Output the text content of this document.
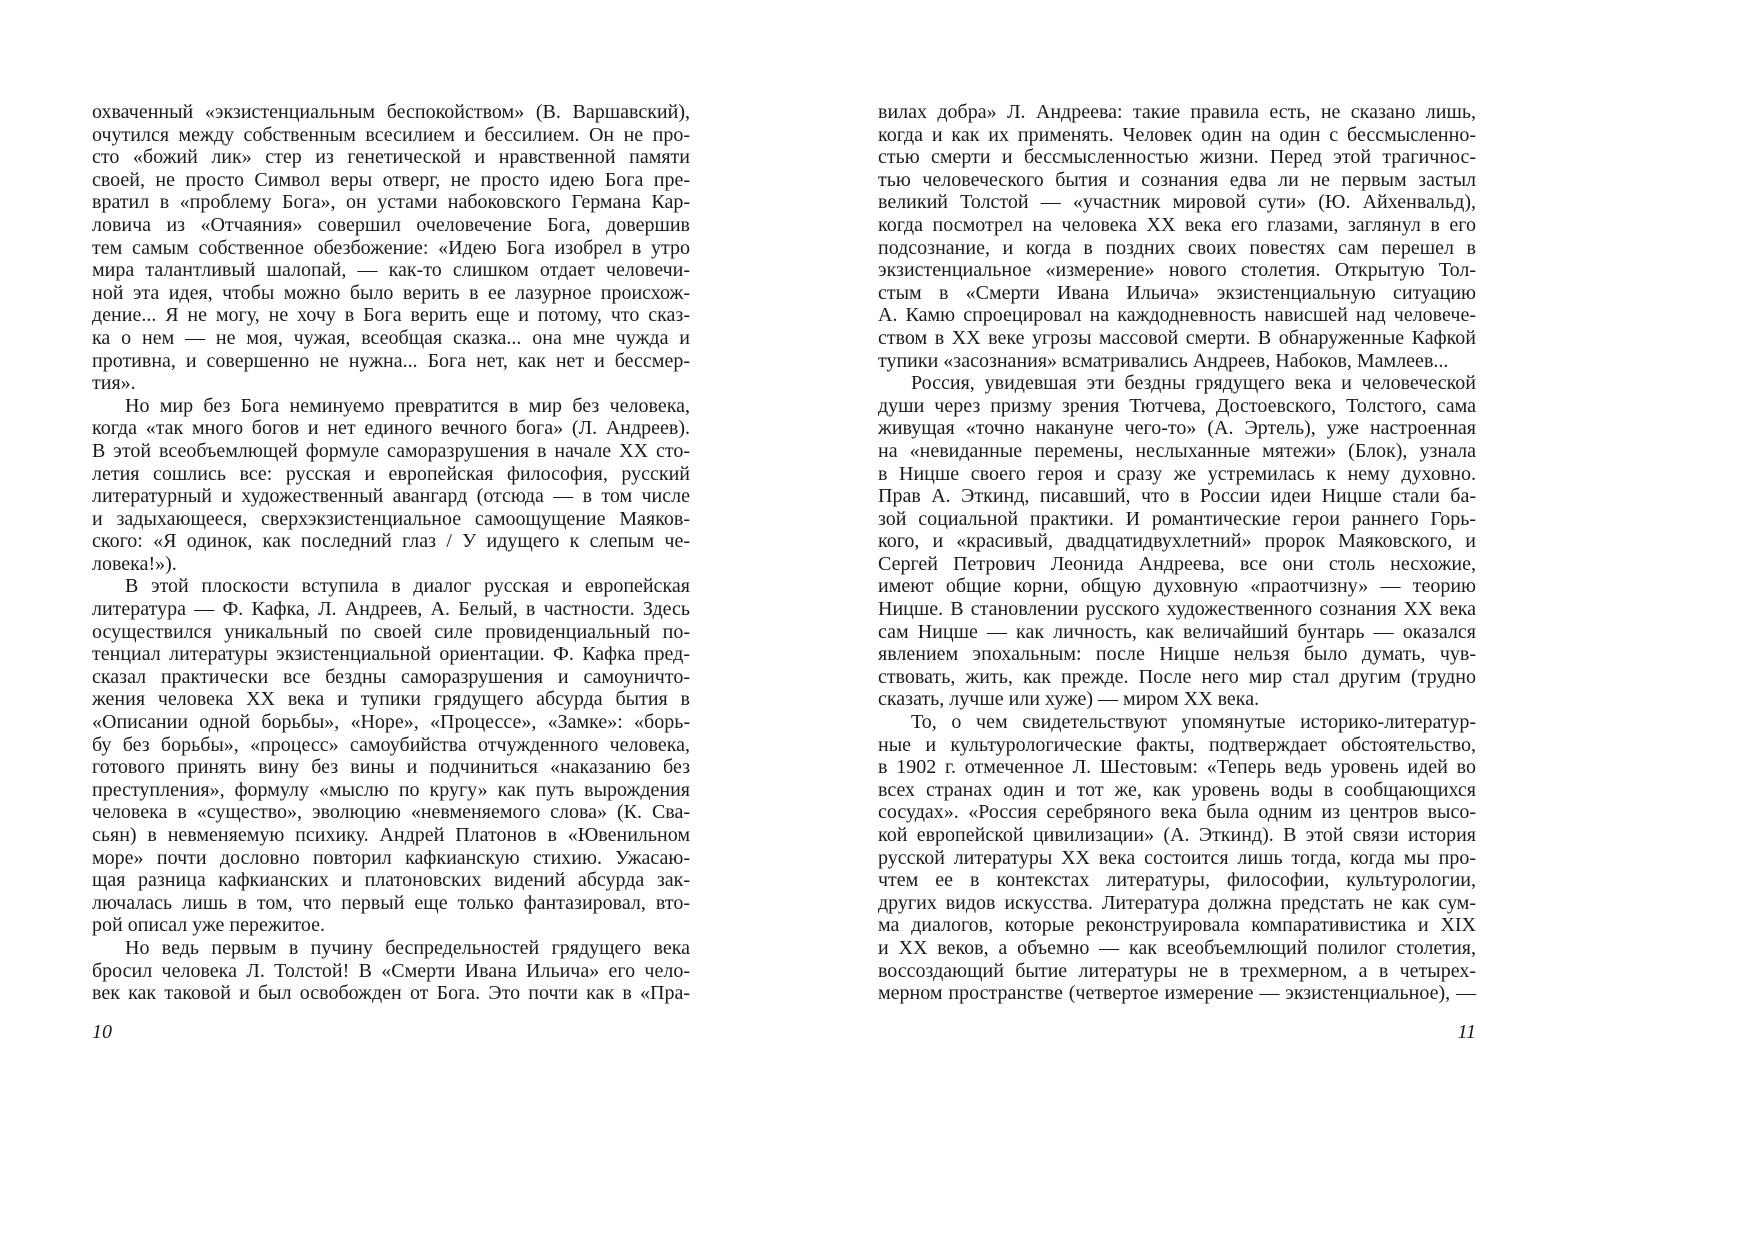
охваченный «экзистенциальным беспокойством» (В. Варшавский),
очутился между собственным всесилием и бессилием. Он не про-
сто «божий лик» стер из генетической и нравственной памяти
своей, не просто Символ веры отверг, не просто идею Бога пре-
вратил в «проблему Бога», он устами набоковского Германа Кар-
ловича из «Отчаяния» совершил очеловечение Бога, довершив
тем самым собственное обезбожение: «Идею Бога изобрел в утро
мира талантливый шалопай, — как-то слишком отдает человечи-
ной эта идея, чтобы можно было верить в ее лазурное происхож-
дение... Я не могу, не хочу в Бога верить еще и потому, что сказ-
ка о нем — не моя, чужая, всеобщая сказка... она мне чужда и
противна, и совершенно не нужна... Бога нет, как нет и бессмер-
тия».
Но мир без Бога неминуемо превратится в мир без человека,
когда «так много богов и нет единого вечного бога» (Л. Андреев).
В этой всеобъемлющей формуле саморазрушения в начале XX сто-
летия сошлись все: русская и европейская философия, русский
литературный и художественный авангард (отсюда — в том числе
и задыхающееся, сверхэкзистенциальное самоощущение Маяков-
ского: «Я одинок, как последний глаз / У идущего к слепым че-
ловека!»).
В этой плоскости вступила в диалог русская и европейская
литература — Ф. Кафка, Л. Андреев, А. Белый, в частности. Здесь
осуществился уникальный по своей силе провиденциальный по-
тенциал литературы экзистенциальной ориентации. Ф. Кафка пред-
сказал практически все бездны саморазрушения и самоуничто-
жения человека XX века и тупики грядущего абсурда бытия в
«Описании одной борьбы», «Норе», «Процессе», «Замке»: «борь-
бу без борьбы», «процесс» самоубийства отчужденного человека,
готового принять вину без вины и подчиниться «наказанию без
преступления», формулу «мыслю по кругу» как путь вырождения
человека в «существо», эволюцию «невменяемого слова» (К. Сва-
сьян) в невменяемую психику. Андрей Платонов в «Ювенильном
море» почти дословно повторил кафкианскую стихию. Ужасаю-
щая разница кафкианских и платоновских видений абсурда зак-
лючалась лишь в том, что первый еще только фантазировал, вто-
рой описал уже пережитое.
Но ведь первым в пучину беспредельностей грядущего века
бросил человека Л. Толстой! В «Смерти Ивана Ильича» его чело-
век как таковой и был освобожден от Бога. Это почти как в «Пра-
вилах добра» Л. Андреева: такие правила есть, не сказано лишь,
когда и как их применять. Человек один на один с бессмысленно-
стью смерти и бессмысленностью жизни. Перед этой трагичнос-
тью человеческого бытия и сознания едва ли не первым застыл
великий Толстой — «участник мировой сути» (Ю. Айхенвальд),
когда посмотрел на человека XX века его глазами, заглянул в его
подсознание, и когда в поздних своих повестях сам перешел в
экзистенциальное «измерение» нового столетия. Открытую Тол-
стым в «Смерти Ивана Ильича» экзистенциальную ситуацию
А. Камю спроецировал на каждодневность нависшей над человече-
ством в XX веке угрозы массовой смерти. В обнаруженные Кафкой
тупики «засознания» всматривались Андреев, Набоков, Мамлеев...
Россия, увидевшая эти бездны грядущего века и человеческой
души через призму зрения Тютчева, Достоевского, Толстого, сама
живущая «точно накануне чего-то» (А. Эртель), уже настроенная
на «невиданные перемены, неслыханные мятежи» (Блок), узнала
в Ницше своего героя и сразу же устремилась к нему духовно.
Прав А. Эткинд, писавший, что в России идеи Ницше стали ба-
зой социальной практики. И романтические герои раннего Горь-
кого, и «красивый, двадцатидвухлетний» пророк Маяковского, и
Сергей Петрович Леонида Андреева, все они столь несхожие,
имеют общие корни, общую духовную «праотчизну» — теорию
Ницше. В становлении русского художественного сознания XX века
сам Ницше — как личность, как величайший бунтарь — оказался
явлением эпохальным: после Ницше нельзя было думать, чув-
ствовать, жить, как прежде. После него мир стал другим (трудно
сказать, лучше или хуже) — миром XX века.
То, о чем свидетельствуют упомянутые историко-литератур-
ные и культурологические факты, подтверждает обстоятельство,
в 1902 г. отмеченное Л. Шестовым: «Теперь ведь уровень идей во
всех странах один и тот же, как уровень воды в сообщающихся
сосудах». «Россия серебряного века была одним из центров высо-
кой европейской цивилизации» (А. Эткинд). В этой связи история
русской литературы XX века состоится лишь тогда, когда мы про-
чтем ее в контекстах литературы, философии, культурологии,
других видов искусства. Литература должна предстать не как сум-
ма диалогов, которые реконструировала компаративистика и XIX
и XX веков, а объемно — как всеобъемлющий полилог столетия,
воссоздающий бытие литературы не в трехмерном, а в четырех-
мерном пространстве (четвертое измерение — экзистенциальное), —
10	11
